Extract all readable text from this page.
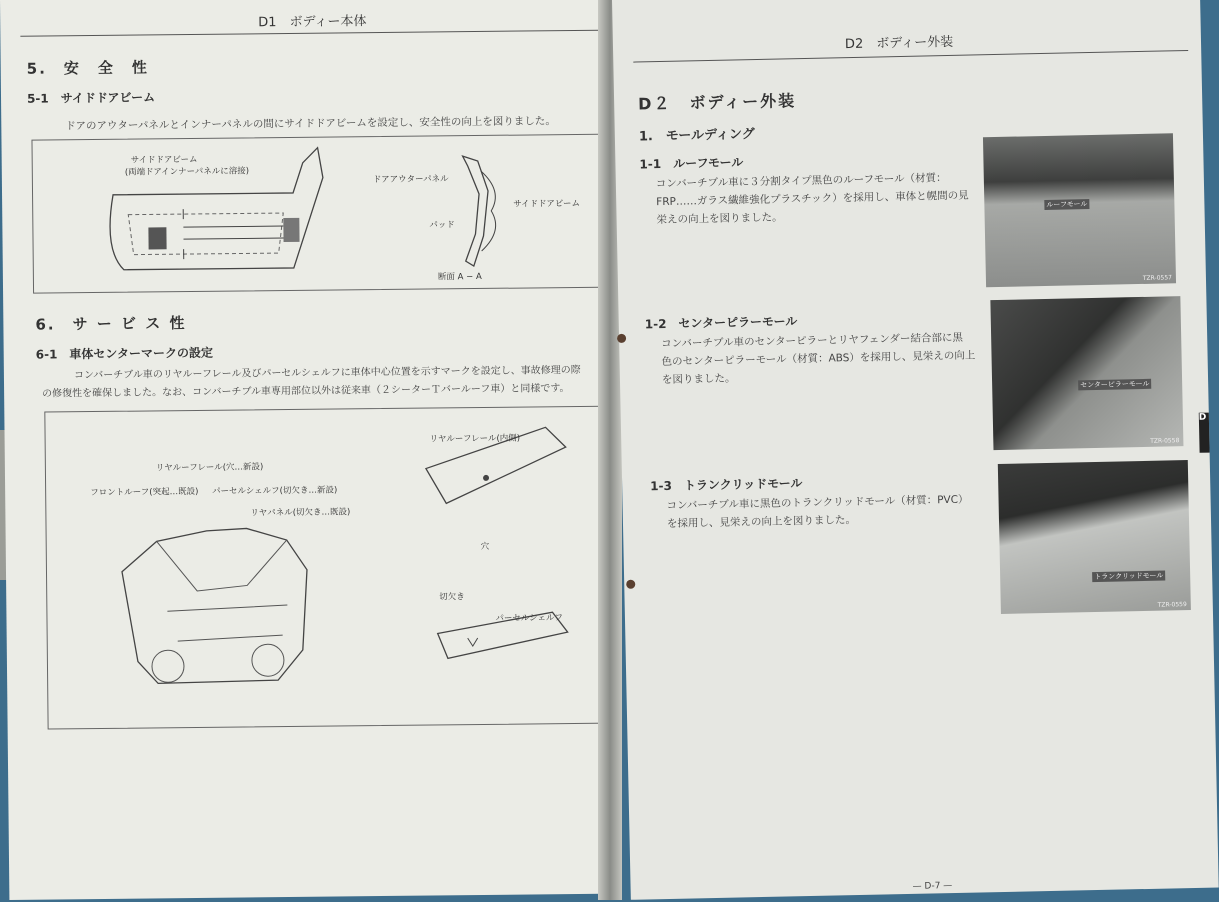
D1　ボディー本体
5.　安　全　性
5-1　サイドドアビーム
ドアのアウターパネルとインナーパネルの間にサイドドアビームを設定し、安全性の向上を図りました。
サイドドアビーム
(両端ドアインナーパネルに溶接)
ドアアウターパネル
サイドドアビーム
パッド
断面 A − A
6.　サ ー ビ ス 性
6-1　車体センターマークの設定
コンバーチブル車のリヤルーフレール及びパーセルシェルフに車体中心位置を示すマークを設定し、事故修理の際
の修復性を確保しました。なお、コンバーチブル車専用部位以外は従来車（２シーターＴバールーフ車）と同様です。
リヤルーフレール(穴…新設)
フロントルーフ(突起…既設) パーセルシェルフ(切欠き…新設)
リヤパネル(切欠き…既設)
リヤルーフレール(内側)
穴
切欠き
パーセルシェルフ
D2　ボディー外装
D２　ボディー外装
1.　モールディング
1-1　ルーフモール
コンバーチブル車に３分割タイプ黒色のルーフモール（材質：
FRP……ガラス繊維強化プラスチック）を採用し、車体と幌間の見
栄えの向上を図りました。
ルーフモール
TZR-0557
1-2　センターピラーモール
コンバーチブル車のセンターピラーとリヤフェンダー結合部に黒
色のセンターピラーモール（材質：ABS）を採用し、見栄えの向上
を図りました。	センターピラーモール
TZR-0558
1-3　トランクリッドモール
コンバーチブル車に黒色のトランクリッドモール（材質：PVC）
を採用し、見栄えの向上を図りました。
トランクリッドモール
TZR-0559
D
— D-7 —
